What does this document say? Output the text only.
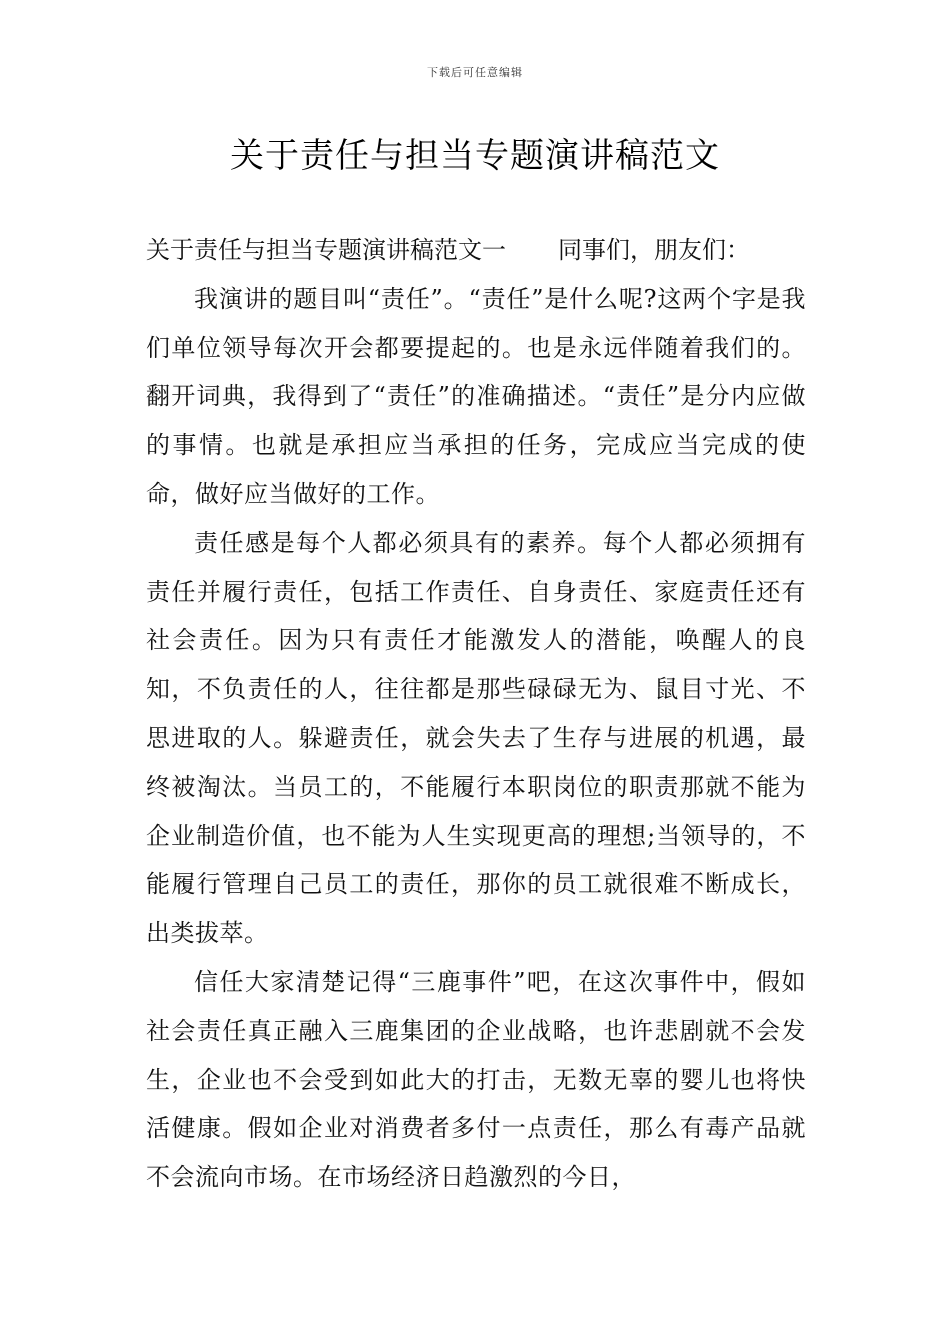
下载后可任意编辑
关于责任与担当专题演讲稿范文
关于责任与担当专题演讲稿范文一 同事们，朋友们：

我演讲的题目叫“责任”。“责任”是什么呢?这两个字是我们单位领导每次开会都要提起的。也是永远伴随着我们的。翻开词典，我得到了“责任”的准确描述。“责任”是分内应做的事情。也就是承担应当承担的任务，完成应当完成的使命，做好应当做好的工作。

责任感是每个人都必须具有的素养。每个人都必须拥有责任并履行责任，包括工作责任、自身责任、家庭责任还有社会责任。因为只有责任才能激发人的潜能，唤醒人的良知，不负责任的人，往往都是那些碌碌无为、鼠目寸光、不思进取的人。躲避责任，就会失去了生存与进展的机遇，最终被淘汰。当员工的，不能履行本职岗位的职责那就不能为企业制造价值，也不能为人生实现更高的理想;当领导的，不能履行管理自己员工的责任，那你的员工就很难不断成长，出类拔萃。

信任大家清楚记得“三鹿事件”吧，在这次事件中，假如社会责任真正融入三鹿集团的企业战略，也许悲剧就不会发生，企业也不会受到如此大的打击，无数无辜的婴儿也将快活健康。假如企业对消费者多付一点责任，那么有毒产品就不会流向市场。在市场经济日趋激烈的今日，
